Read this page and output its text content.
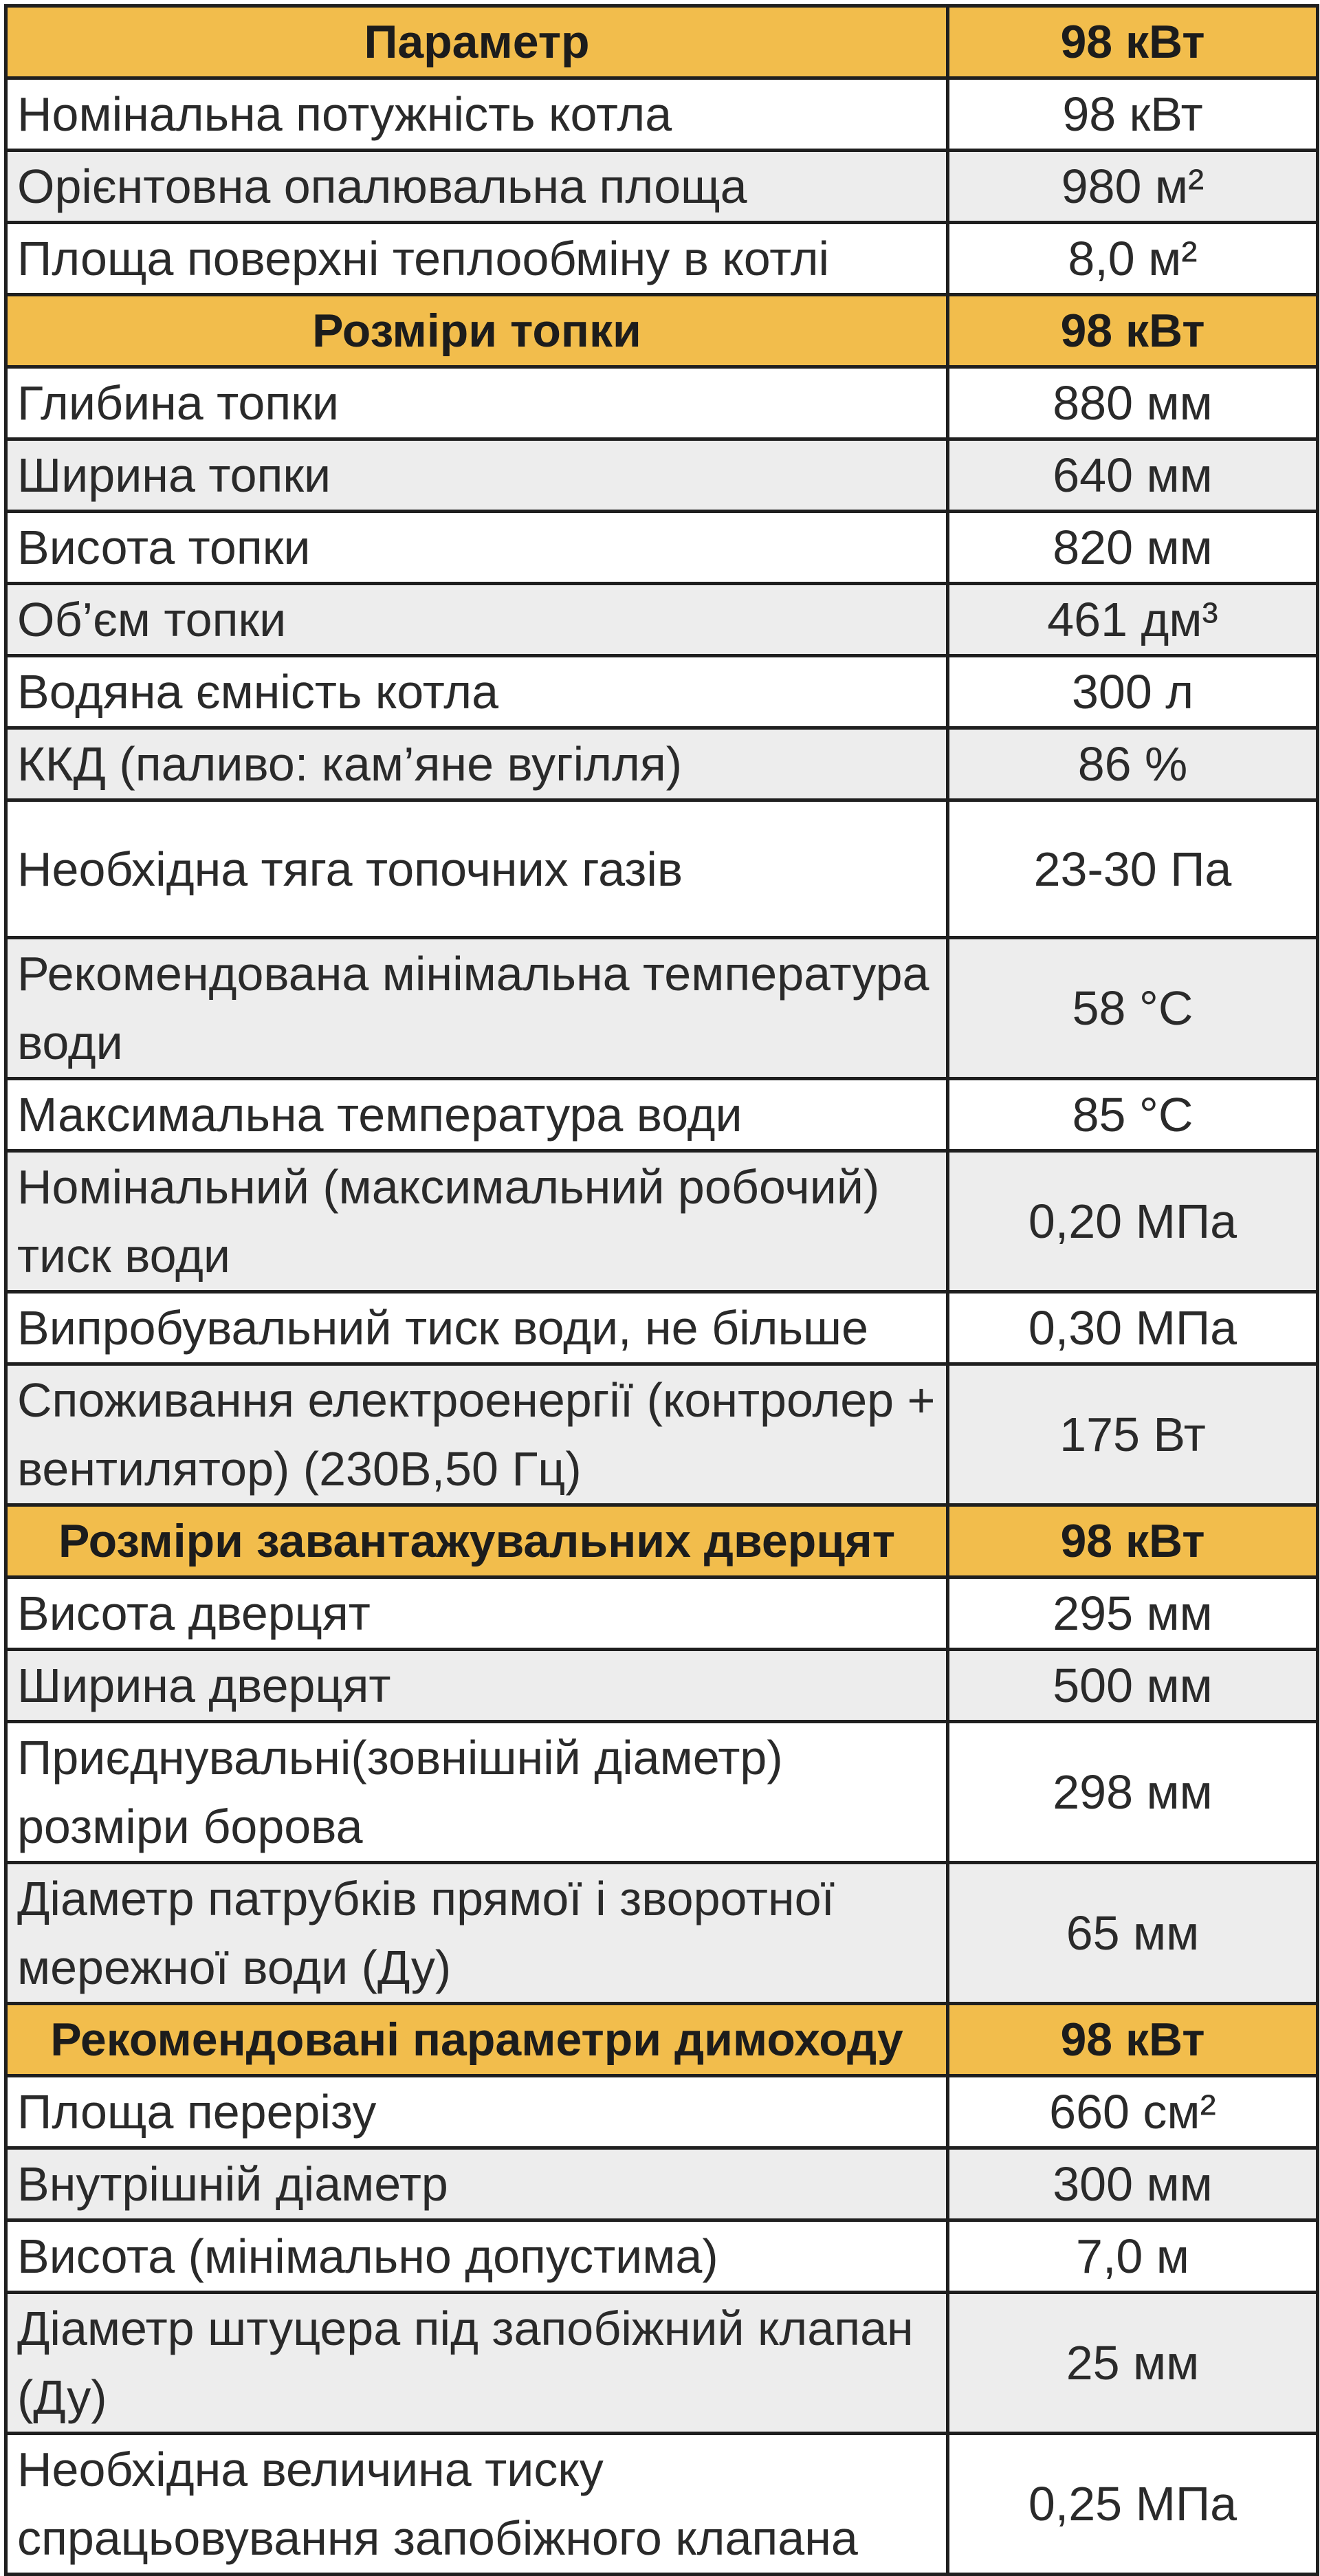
Параметр	98 кВт
Номінальна потужність котла	98 кВт
Орієнтовна опалювальна площа	980 м²
Площа поверхні теплообміну в котлі	8,0 м²
Розміри топки	98 кВт
Глибина топки	880 мм
Ширина топки	640 мм
Висота топки	820 мм
Об’єм топки	461 дм³
Водяна ємність котла	300 л
ККД (паливо: кам’яне вугілля)	86 %
Необхідна тяга топочних газів	23-30 Па
Рекомендована мінімальна температура води	58 °С
Максимальна температура води	85 °С
Номінальний (максимальний робочий) тиск води	0,20 МПа
Випробувальний тиск води, не більше	0,30 МПа
Споживання електроенергії (контролер + вентилятор) (230В,50 Гц)	175 Вт
Розміри завантажувальних дверцят	98 кВт
Висота дверцят	295 мм
Ширина дверцят	500 мм
Приєднувальні(зовнішній діаметр) розміри борова	298 мм
Діаметр патрубків прямої і зворотної мережної води (Ду)	65 мм
Рекомендовані параметри димоходу	98 кВт
Площа перерізу	660 см²
Внутрішній діаметр	300 мм
Висота (мінімально допустима)	7,0 м
Діаметр штуцера під запобіжний клапан (Ду)	25 мм
Необхідна величина тиску спрацьовування запобіжного клапана	0,25 МПа
